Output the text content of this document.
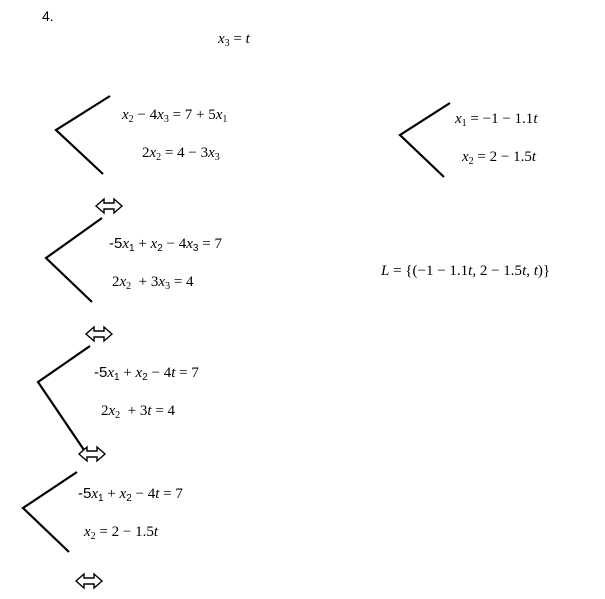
4.
$x_3 = t$
$x_2 - 4x_3 = 7 + 5x_1$
$2x_2 = 4 - 3x_3$
$-5x_1 + x_2 - 4x_3 = 7$
$2x_2 + 3x_3 = 4$
$-5x_1 + x_2 - 4t = 7$
$2x_2 + 3t = 4$
$-5x_1 + x_2 - 4t = 7$
$x_2 = 2 - 1.5t$
$x_1 = -1 - 1.1t$
$x_2 = 2 - 1.5t$
L = {(−1 − 1.1t, 2 − 1.5t, t)}
